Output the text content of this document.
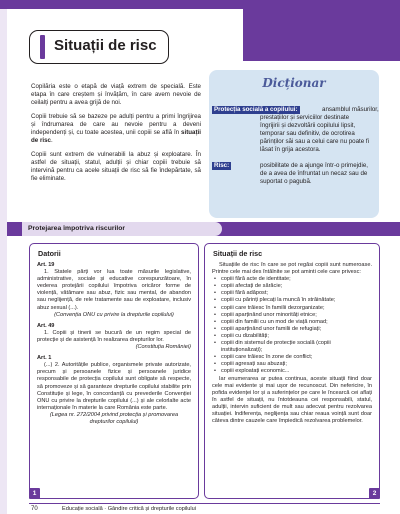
Situații de risc

Copilăria este o etapă de viață extrem de specială. Este etapa în care creștem și învățăm, în care avem nevoie de ceilalți pentru a avea grijă de noi.

Copiii trebuie să se bazeze pe adulți pentru a primi îngrijirea și îndrumarea de care au nevoie pentru a deveni independenți și, cu toate acestea, unii copiii se află în situații de risc.

Copiii sunt extrem de vulnerabili la abuz și exploatare. În astfel de situații, statul, adulții și chiar copiii trebuie să intervină pentru ca acele situații de risc să fie îndepărtate, să fie eliminate.

Dicționar
Protecția socială a copilului:	ansamblul măsurilor,
prestațiilor și serviciilor destinate
îngrijirii și dezvoltării copilului lipsit,
temporar sau definitiv, de ocrotirea
părinților săi sau a celui care nu poate fi
lăsat în grija acestora.
Risc:	posibilitate de a ajunge într-o primejdie,
de a avea de înfruntat un necaz sau de
suportat o pagubă.
Protejarea împotriva riscurilor
Datorii

Art. 19

1. Statele părți vor lua toate măsurile legislative, administrative, sociale și educative corespunzătoare, în vederea protejării copilului împotriva oricăror forme de violență, vătămare sau abuz, fizic sau mental, de abandon sau neglijență, de rele tratamente sau de exploatare, inclusiv abuz sexual (...).

(Convenția ONU cu privire la drepturile copilului)

Art. 49

1. Copiii și tinerii se bucură de un regim special de protecție și de asistență în realizarea drepturilor lor.

(Constituția României)

Art. 1

(...) 2. Autoritățile publice, organismele private autorizate, precum și persoanele fizice și persoanele juridice responsabile de protecția copilului sunt obligate să respecte, să promoveze și să garanteze drepturile copilului stabilite prin Constituție și lege, în concordanță cu prevederile Convenției ONU cu privire la drepturile copilului (...) și ale celorlalte acte internaționale în materie la care România este parte.

(Legea nr. 272/2004 privind protecția și promovarea drepturilor copilului)

1
Situații de risc

Situațiile de risc în care se pot regăsi copiii sunt numeroase. Printre cele mai des întâlnite se pot aminti cele care privesc:

• copiii fără acte de identitate;
• copiii afectați de sărăcie;
• copiii fără adăpost;
• copiii cu părinți plecați la muncă în străinătate;
• copiii care trăiesc în familii dezorganizate;
• copiii aparținând unor minorități etnice;
• copiii din familii cu un mod de viață nomad;
• copiii aparținând unor familii de refugiați;
• copiii cu dizabilități;
• copiii din sistemul de protecție socială (copiii instituționalizați);
• copiii care trăiesc în zone de conflict;
• copiii agresați sau abuzați;
• copiii exploatați economic...

Iar enumerarea ar putea continua, aceste situații fiind doar cele mai evidente și mai ușor de recunoscut. Din nefericire, în pofida evidenței lor și a suferințelor pe care le încearcă cei aflați în astfel de situații, nu întotdeauna cei responsabili, statul, adulții, intervin suficient de mult sau adecvat pentru rezolvarea situației. Indiferența, neglijența sau chiar reaua voință sunt doar câteva dintre cauzele care împiedică rezolvarea problemelor.

2
70	Educație socială · Gândire critică și drepturile copilului
